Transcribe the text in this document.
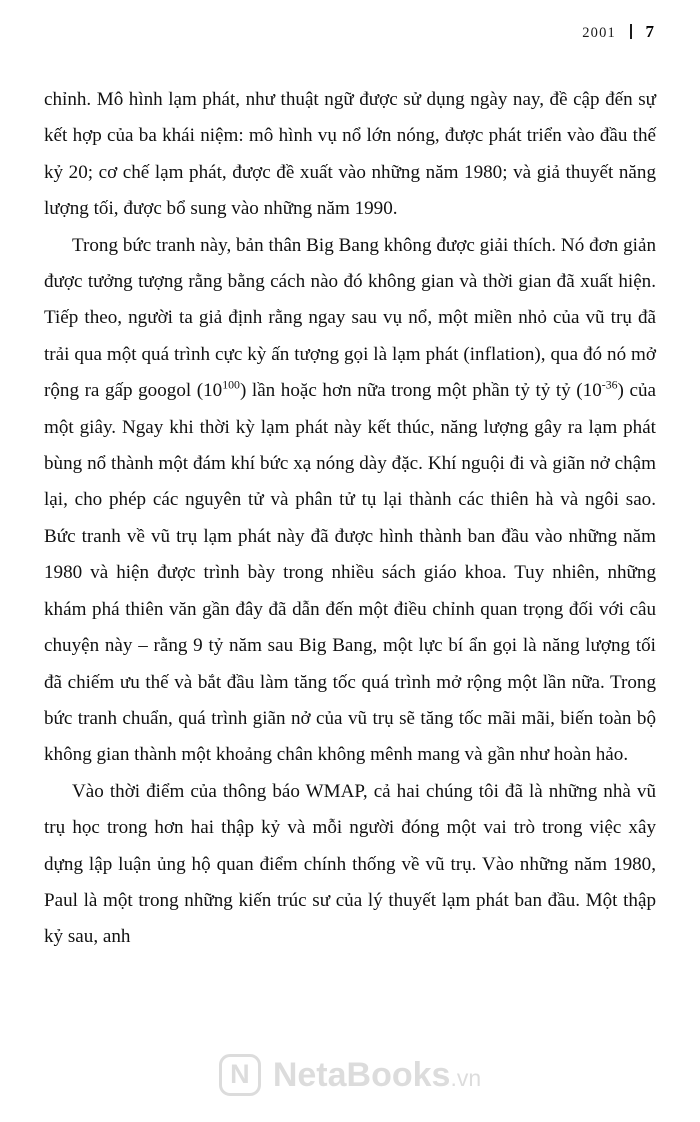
2001 7

chỉnh. Mô hình lạm phát, như thuật ngữ được sử dụng ngày nay, đề cập đến sự kết hợp của ba khái niệm: mô hình vụ nổ lớn nóng, được phát triển vào đầu thế kỷ 20; cơ chế lạm phát, được đề xuất vào những năm 1980; và giả thuyết năng lượng tối, được bổ sung vào những năm 1990.

Trong bức tranh này, bản thân Big Bang không được giải thích. Nó đơn giản được tưởng tượng rằng bằng cách nào đó không gian và thời gian đã xuất hiện. Tiếp theo, người ta giả định rằng ngay sau vụ nổ, một miền nhỏ của vũ trụ đã trải qua một quá trình cực kỳ ấn tượng gọi là lạm phát (inflation), qua đó nó mở rộng ra gấp googol $(10^{100})$ lần hoặc hơn nữa trong một phần tỷ tỷ tỷ $(10^{-36})$ của một giây. Ngay khi thời kỳ lạm phát này kết thúc, năng lượng gây ra lạm phát bùng nổ thành một đám khí bức xạ nóng dày đặc. Khí nguội đi và giãn nở chậm lại, cho phép các nguyên tử và phân tử tụ lại thành các thiên hà và ngôi sao. Bức tranh về vũ trụ lạm phát này đã được hình thành ban đầu vào những năm 1980 và hiện được trình bày trong nhiều sách giáo khoa. Tuy nhiên, những khám phá thiên văn gần đây đã dẫn đến một điều chỉnh quan trọng đối với câu chuyện này – rằng 9 tỷ năm sau Big Bang, một lực bí ẩn gọi là năng lượng tối đã chiếm ưu thế và bắt đầu làm tăng tốc quá trình mở rộng một lần nữa. Trong bức tranh chuẩn, quá trình giãn nở của vũ trụ sẽ tăng tốc mãi mãi, biến toàn bộ không gian thành một khoảng chân không mênh mang và gần như hoàn hảo.

Vào thời điểm của thông báo WMAP, cả hai chúng tôi đã là những nhà vũ trụ học trong hơn hai thập kỷ và mỗi người đóng một vai trò trong việc xây dựng lập luận ủng hộ quan điểm chính thống về vũ trụ. Vào những năm 1980, Paul là một trong những kiến trúc sư của lý thuyết lạm phát ban đầu. Một thập kỷ sau, anh

N NetaBooks.vn
